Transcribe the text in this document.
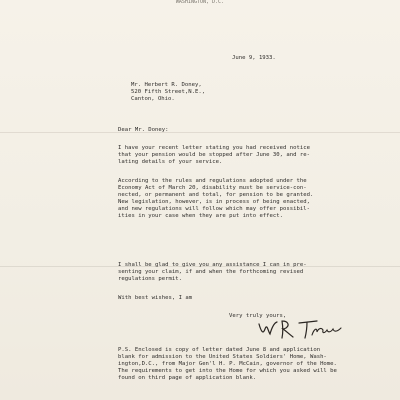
WASHINGTON, D.C.
June 9, 1933.
Mr. Herbert R. Doney,
520 Fifth Street,N.E.,
Canton, Ohio.
Dear Mr. Doney:
I have your recent letter stating you had received notice
that your pension would be stopped after June 30, and re-
lating details of your service.
According to the rules and regulations adopted under the
Economy Act of March 20, disability must be service-con-
nected, or permanent and total, for pension to be granted.
New legislation, however, is in process of being enacted,
and new regulations will follow which may offer possibil-
ities in your case when they are put into effect.
I shall be glad to give you any assistance I can in pre-
senting your claim, if and when the forthcoming revised
regulations permit.
With best wishes, I am
Very truly yours,
P.S. Enclosed is copy of letter dated June 8 and application
blank for admission to the United States Soldiers' Home, Wash-
ington,D.C., from Major Gen'l H. P. McCain, governor of the Home.
The requirements to get into the Home for which you asked will be
found on third page of application blank.
